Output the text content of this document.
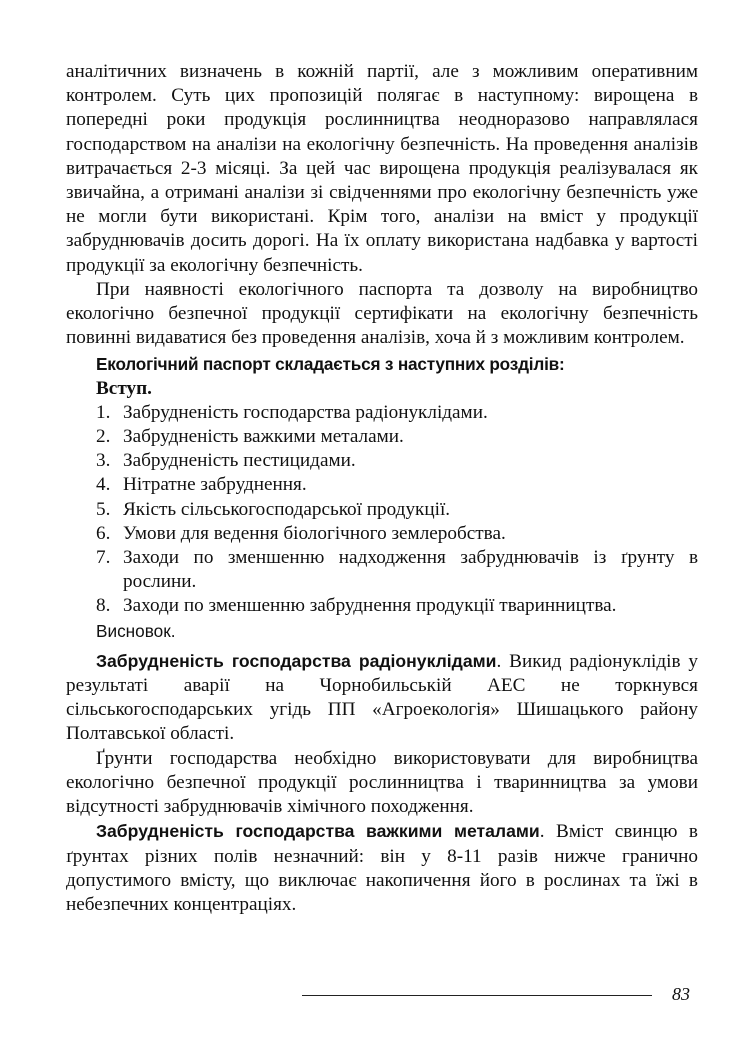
аналітичних визначень в кожній партії, але з можливим оперативним контролем. Суть цих пропозицій полягає в наступному: вирощена в попередні роки продукція рослинництва неодноразово направлялася господарством на аналізи на екологічну безпечність. На проведення аналізів витрачається 2-3 місяці. За цей час вирощена продукція реалізувалася як звичайна, а отримані аналізи зі свідченнями про екологічну безпечність уже не могли бути використані. Крім того, аналізи на вміст у продукції забруднювачів досить дорогі. На їх оплату використана надбавка у вартості продукції за екологічну безпечність.

При наявності екологічного паспорта та дозволу на виробництво екологічно безпечної продукції сертифікати на екологічну безпечність повинні видаватися без проведення аналізів, хоча й з можливим контролем.

Екологічний паспорт складається з наступних розділів:

Вступ.

1. Забрудненість господарства радіонуклідами.
2. Забрудненість важкими металами.
3. Забрудненість пестицидами.
4. Нітратне забруднення.
5. Якість сільськогосподарської продукції.
6. Умови для ведення біологічного землеробства.
7. Заходи по зменшенню надходження забруднювачів із ґрунту в рослини.
8. Заходи по зменшенню забруднення продукції тваринництва.

Висновок.

Забрудненість господарства радіонуклідами. Викид радіонуклідів у результаті аварії на Чорнобильській АЕС не торкнувся сільськогосподарських угідь ПП «Агроекологія» Шишацького району Полтавської області.

Ґрунти господарства необхідно використовувати для виробництва екологічно безпечної продукції рослинництва і тваринництва за умови відсутності забруднювачів хімічного походження.

Забрудненість господарства важкими металами. Вміст свинцю в ґрунтах різних полів незначний: він у 8-11 разів нижче гранично допустимого вмісту, що виключає накопичення його в рослинах та їжі в небезпечних концентраціях.

83
